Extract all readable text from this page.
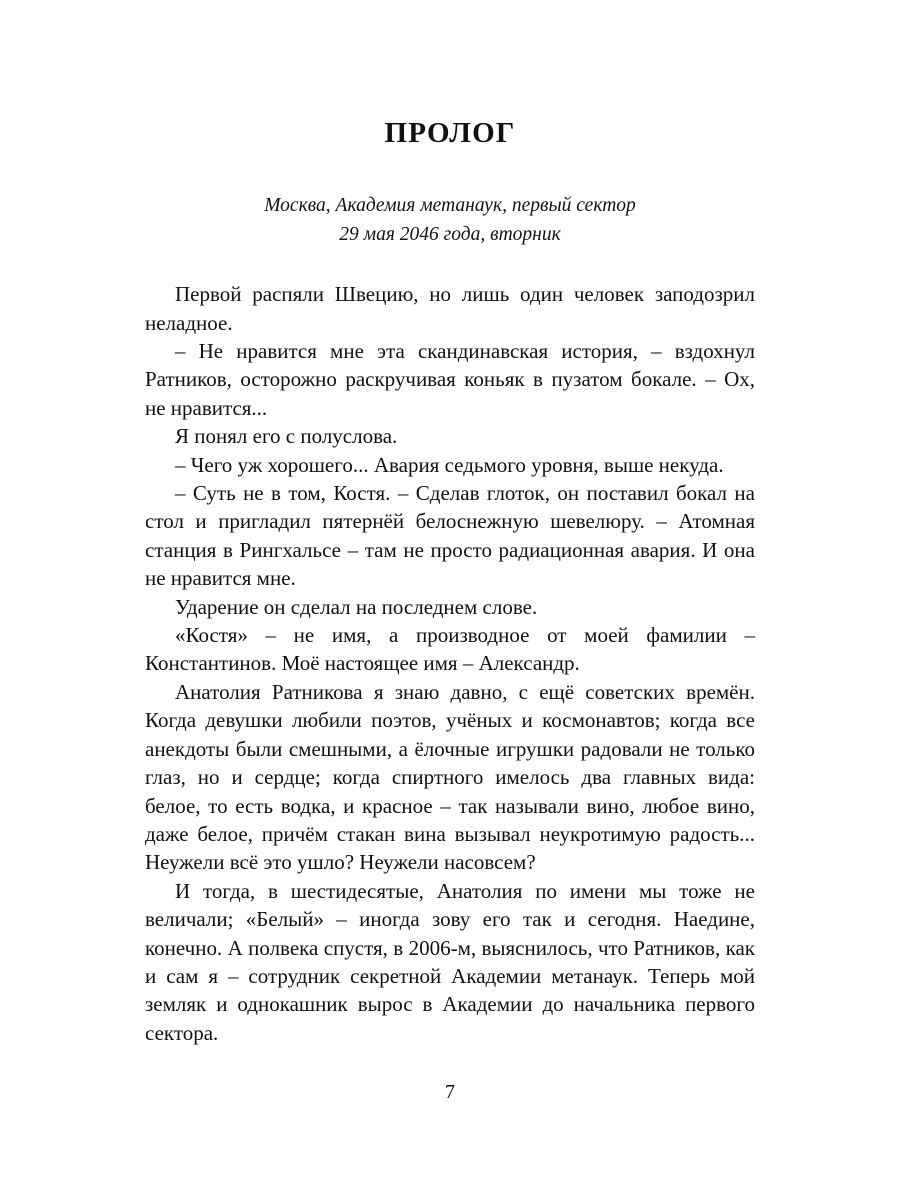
ПРОЛОГ
Москва, Академия метанаук, первый сектор
29 мая 2046 года, вторник

Первой распяли Швецию, но лишь один человек заподозрил неладное.

– Не нравится мне эта скандинавская история, – вздохнул Ратников, осторожно раскручивая коньяк в пузатом бокале. – Ох, не нравится...

Я понял его с полуслова.

– Чего уж хорошего... Авария седьмого уровня, выше некуда.

– Суть не в том, Костя. – Сделав глоток, он поставил бокал на стол и пригладил пятернёй белоснежную шевелюру. – Атомная станция в Рингхальсе – там не просто радиационная авария. И она не нравится мне.

Ударение он сделал на последнем слове.

«Костя» – не имя, а производное от моей фамилии – Константинов. Моё настоящее имя – Александр.

Анатолия Ратникова я знаю давно, с ещё советских времён. Когда девушки любили поэтов, учёных и космонавтов; когда все анекдоты были смешными, а ёлочные игрушки радовали не только глаз, но и сердце; когда спиртного имелось два главных вида: белое, то есть водка, и красное – так называли вино, любое вино, даже белое, причём стакан вина вызывал неукротимую радость... Неужели всё это ушло? Неужели насовсем?

И тогда, в шестидесятые, Анатолия по имени мы тоже не величали; «Белый» – иногда зову его так и сегодня. Наедине, конечно. А полвека спустя, в 2006-м, выяснилось, что Ратников, как и сам я – сотрудник секретной Академии метанаук. Теперь мой земляк и однокашник вырос в Академии до начальника первого сектора.

7
